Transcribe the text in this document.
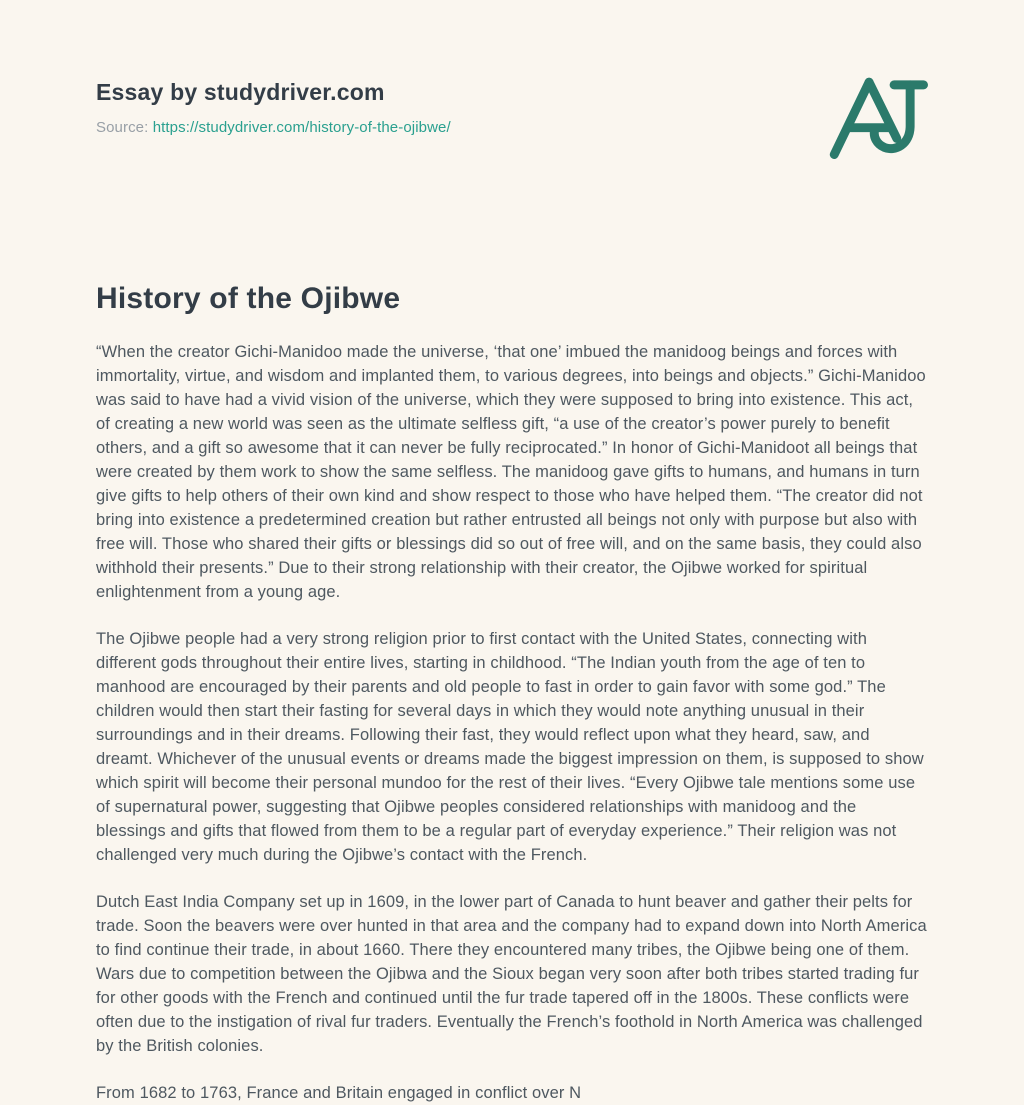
Essay by studydriver.com
Source: https://studydriver.com/history-of-the-ojibwe/
History of the Ojibwe

“When the creator Gichi-Manidoo made the universe, ‘that one’ imbued the manidoog beings and forces with immortality, virtue, and wisdom and implanted them, to various degrees, into beings and objects.” Gichi-Manidoo was said to have had a vivid vision of the universe, which they were supposed to bring into existence. This act, of creating a new world was seen as the ultimate selfless gift, “a use of the creator’s power purely to benefit others, and a gift so awesome that it can never be fully reciprocated.” In honor of Gichi-Manidoot all beings that were created by them work to show the same selfless. The manidoog gave gifts to humans, and humans in turn give gifts to help others of their own kind and show respect to those who have helped them. “The creator did not bring into existence a predetermined creation but rather entrusted all beings not only with purpose but also with free will. Those who shared their gifts or blessings did so out of free will, and on the same basis, they could also withhold their presents.” Due to their strong relationship with their creator, the Ojibwe worked for spiritual enlightenment from a young age.

The Ojibwe people had a very strong religion prior to first contact with the United States, connecting with different gods throughout their entire lives, starting in childhood. “The Indian youth from the age of ten to manhood are encouraged by their parents and old people to fast in order to gain favor with some god.” The children would then start their fasting for several days in which they would note anything unusual in their surroundings and in their dreams. Following their fast, they would reflect upon what they heard, saw, and dreamt. Whichever of the unusual events or dreams made the biggest impression on them, is supposed to show which spirit will become their personal mundoo for the rest of their lives. “Every Ojibwe tale mentions some use of supernatural power, suggesting that Ojibwe peoples considered relationships with manidoog and the blessings and gifts that flowed from them to be a regular part of everyday experience.” Their religion was not challenged very much during the Ojibwe’s contact with the French.

Dutch East India Company set up in 1609, in the lower part of Canada to hunt beaver and gather their pelts for trade. Soon the beavers were over hunted in that area and the company had to expand down into North America to find continue their trade, in about 1660. There they encountered many tribes, the Ojibwe being one of them. Wars due to competition between the Ojibwa and the Sioux began very soon after both tribes started trading fur for other goods with the French and continued until the fur trade tapered off in the 1800s. These conflicts were often due to the instigation of rival fur traders. Eventually the French’s foothold in North America was challenged by the British colonies.

From 1682 to 1763, France and Britain engaged in conflict over N
